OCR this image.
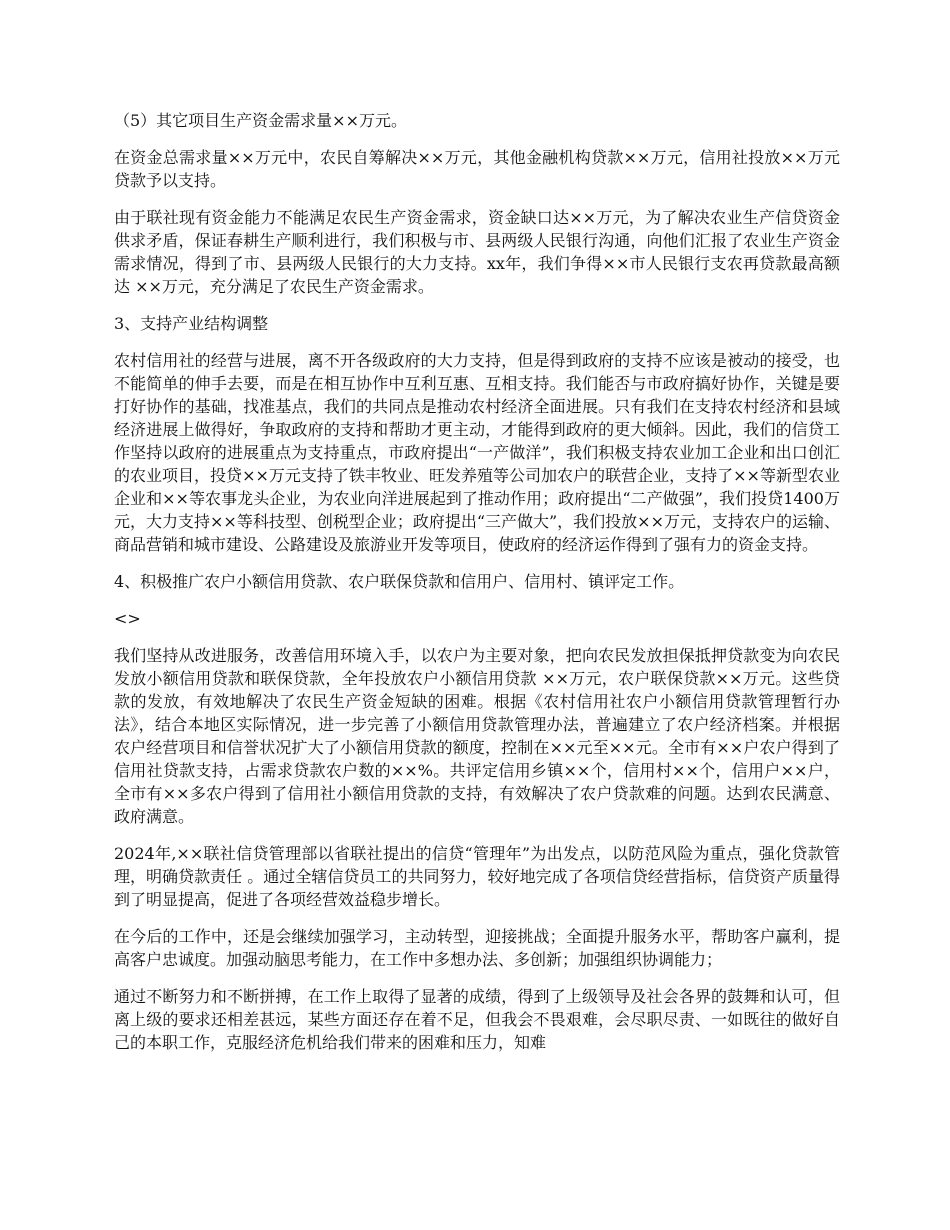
（5）其它项目生产资金需求量××万元。

在资金总需求量××万元中，农民自筹解决××万元，其他金融机构贷款××万元，信用社投放××万元贷款予以支持。

由于联社现有资金能力不能满足农民生产资金需求，资金缺口达××万元，为了解决农业生产信贷资金供求矛盾，保证春耕生产顺利进行，我们积极与市、县两级人民银行沟通，向他们汇报了农业生产资金需求情况，得到了市、县两级人民银行的大力支持。xx年，我们争得××市人民银行支农再贷款最高额达 ××万元，充分满足了农民生产资金需求。

3、支持产业结构调整

农村信用社的经营与进展，离不开各级政府的大力支持，但是得到政府的支持不应该是被动的接受，也不能简单的伸手去要，而是在相互协作中互利互惠、互相支持。我们能否与市政府搞好协作，关键是要打好协作的基础，找准基点，我们的共同点是推动农村经济全面进展。只有我们在支持农村经济和县域经济进展上做得好，争取政府的支持和帮助才更主动，才能得到政府的更大倾斜。因此，我们的信贷工作坚持以政府的进展重点为支持重点，市政府提出“一产做洋”，我们积极支持农业加工企业和出口创汇的农业项目，投贷××万元支持了铁丰牧业、旺发养殖等公司加农户的联营企业，支持了××等新型农业企业和××等农事龙头企业，为农业向洋进展起到了推动作用；政府提出“二产做强”，我们投贷1400万元，大力支持××等科技型、创税型企业；政府提出“三产做大”，我们投放××万元，支持农户的运输、商品营销和城市建设、公路建设及旅游业开发等项目，使政府的经济运作得到了强有力的资金支持。

4、积极推广农户小额信用贷款、农户联保贷款和信用户、信用村、镇评定工作。

<>

我们坚持从改进服务，改善信用环境入手，以农户为主要对象，把向农民发放担保抵押贷款变为向农民发放小额信用贷款和联保贷款，全年投放农户小额信用贷款 ××万元，农户联保贷款××万元。这些贷款的发放，有效地解决了农民生产资金短缺的困难。根据《农村信用社农户小额信用贷款管理暂行办法》，结合本地区实际情况，进一步完善了小额信用贷款管理办法，普遍建立了农户经济档案。并根据农户经营项目和信誉状况扩大了小额信用贷款的额度，控制在××元至××元。全市有××户农户得到了信用社贷款支持，占需求贷款农户数的××%。共评定信用乡镇××个，信用村××个，信用户××户，全市有××多农户得到了信用社小额信用贷款的支持，有效解决了农户贷款难的问题。达到农民满意、政府满意。

2024年,××联社信贷管理部以省联社提出的信贷“管理年”为出发点，以防范风险为重点，强化贷款管理，明确贷款责任 。通过全辖信贷员工的共同努力，较好地完成了各项信贷经营指标，信贷资产质量得到了明显提高，促进了各项经营效益稳步增长。

在今后的工作中，还是会继续加强学习，主动转型，迎接挑战；全面提升服务水平，帮助客户赢利，提高客户忠诚度。加强动脑思考能力，在工作中多想办法、多创新；加强组织协调能力；

通过不断努力和不断拼搏，在工作上取得了显著的成绩，得到了上级领导及社会各界的鼓舞和认可，但离上级的要求还相差甚远，某些方面还存在着不足，但我会不畏艰难，会尽职尽责、一如既往的做好自己的本职工作，克服经济危机给我们带来的困难和压力，知难
